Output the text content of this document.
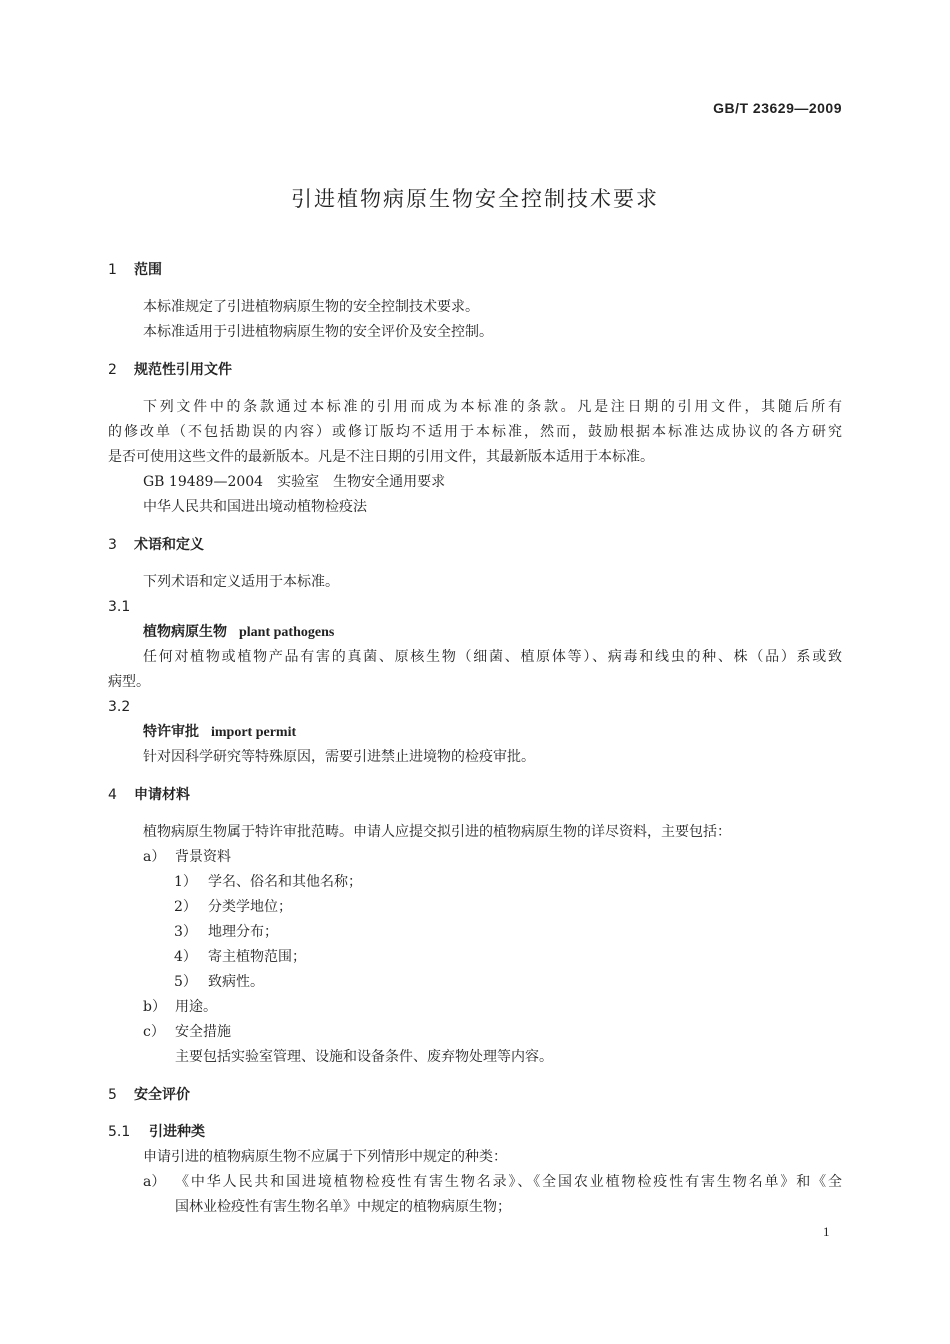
GB/T 23629—2009
引进植物病原生物安全控制技术要求
1 范围
本标准规定了引进植物病原生物的安全控制技术要求。
本标准适用于引进植物病原生物的安全评价及安全控制。
2 规范性引用文件
下列文件中的条款通过本标准的引用而成为本标准的条款。凡是注日期的引用文件，其随后所有
的修改单（不包括勘误的内容）或修订版均不适用于本标准，然而，鼓励根据本标准达成协议的各方研究
是否可使用这些文件的最新版本。凡是不注日期的引用文件，其最新版本适用于本标准。
GB 19489—2004　实验室　生物安全通用要求
中华人民共和国进出境动植物检疫法
3 术语和定义
下列术语和定义适用于本标准。
3.1
植物病原生物 plant pathogens
任何对植物或植物产品有害的真菌、原核生物（细菌、植原体等）、病毒和线虫的种、株（品）系或致
病型。
3.2
特许审批 import permit
针对因科学研究等特殊原因，需要引进禁止进境物的检疫审批。
4 申请材料
植物病原生物属于特许审批范畴。申请人应提交拟引进的植物病原生物的详尽资料，主要包括：
a） 背景资料
1） 学名、俗名和其他名称；
2） 分类学地位；
3） 地理分布；
4） 寄主植物范围；
5） 致病性。
b） 用途。
c） 安全措施
主要包括实验室管理、设施和设备条件、废弃物处理等内容。
5 安全评价
5.1 引进种类
申请引进的植物病原生物不应属于下列情形中规定的种类：
a） 《中华人民共和国进境植物检疫性有害生物名录》、《全国农业植物检疫性有害生物名单》和《全
国林业检疫性有害生物名单》中规定的植物病原生物；
1
